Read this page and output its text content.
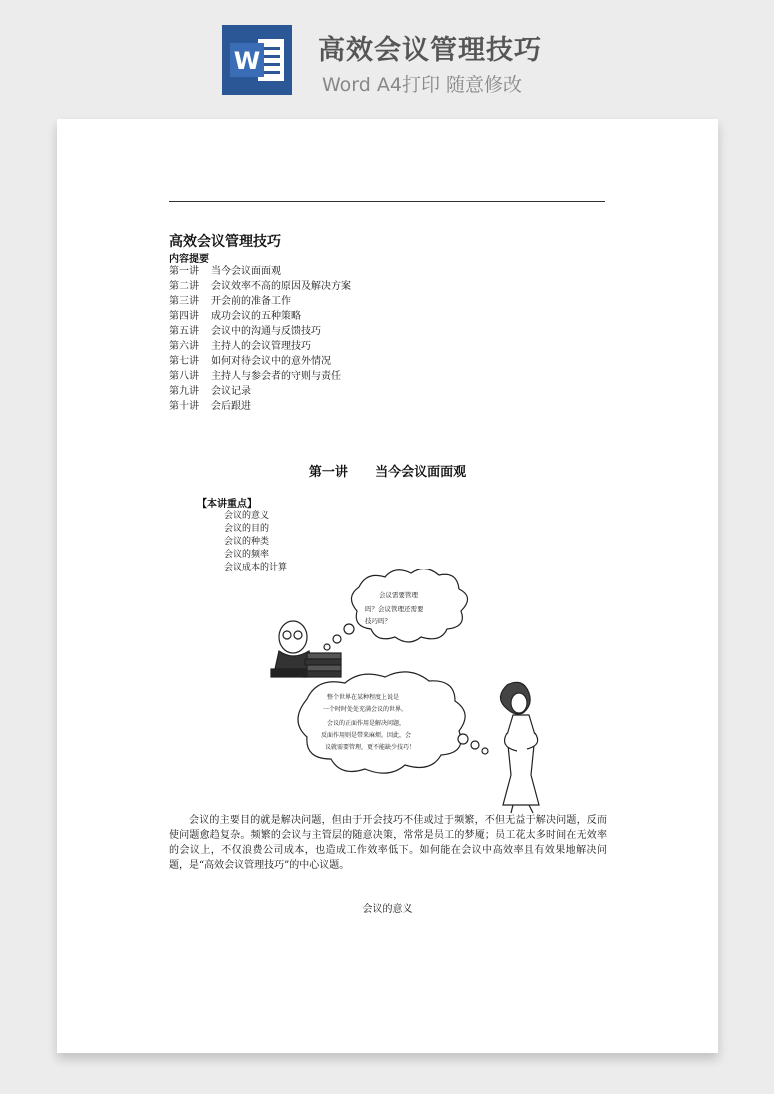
W 高效会议管理技巧
Word A4打印 随意修改
高效会议管理技巧
内容提要
第一讲 当今会议面面观
第二讲 会议效率不高的原因及解决方案
第三讲 开会前的准备工作
第四讲 成功会议的五种策略
第五讲 会议中的沟通与反馈技巧
第六讲 主持人的会议管理技巧
第七讲 如何对待会议中的意外情况
第八讲 主持人与参会者的守则与责任
第九讲 会议记录
第十讲 会后跟进
第一讲      当今会议面面观
【本讲重点】
会议的意义
会议的目的
会议的种类
会议的频率
会议成本的计算
会议需要管理
吗？会议管理还需要
技巧吗？
整个世界在某种程度上说是
一个时时处处充满会议的世界。
会议的正面作用是解决问题，
反面作用则是带来麻烦。因此，会
议就需要管理，更不能缺少技巧！

会议的主要目的就是解决问题，但由于开会技巧不佳或过于频繁，不但无益于解决问题，反而使问题愈趋复杂。频繁的会议与主管层的随意决策，常常是员工的梦魇；员工花太多时间在无效率的会议上，不仅浪费公司成本，也造成工作效率低下。如何能在会议中高效率且有效果地解决问题，是“高效会议管理技巧”的中心议题。

会议的意义
